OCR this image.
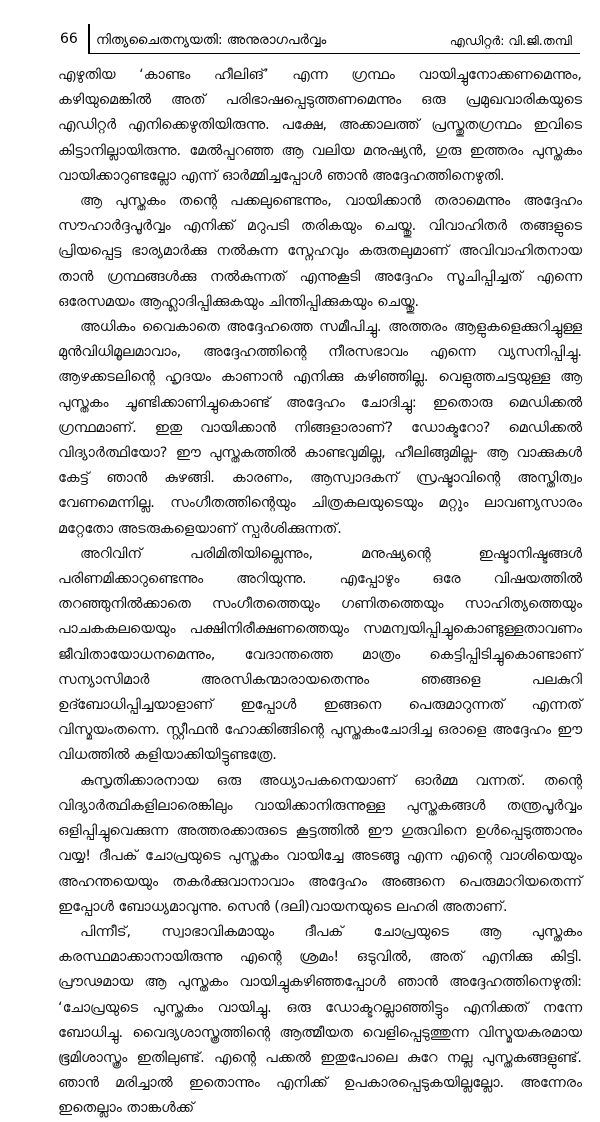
66 നിത്യചൈതന്യയതി: അനുരാഗപർവ്വം	എഡിറ്റർ: വി.ജി.തമ്പി

എഴുതിയ ‘കാണ്ടം ഹീലിങ്’ എന്ന ഗ്രന്ഥം വായിച്ചുനോക്കണമെന്നും, കഴിയുമെങ്കിൽ അത് പരിഭാഷപ്പെടുത്തണമെന്നും ഒരു പ്രമുഖവാരികയുടെ എഡിറ്റർ എനിക്കെഴുതിയിരുന്നു. പക്ഷേ, അക്കാലത്ത് പ്രസ്തുതഗ്രന്ഥം ഇവിടെ കിട്ടാനില്ലായിരുന്നു. മേൽപ്പറഞ്ഞ ആ വലിയ മനുഷ്യൻ, ഗുരു ഇത്തരം പുസ്തകം വായിക്കാറുണ്ടല്ലോ എന്ന് ഓർമ്മിച്ചപ്പോൾ ഞാൻ അദ്ദേഹത്തിനെഴുതി.

ആ പുസ്തകം തന്റെ പക്കലുണ്ടെന്നും, വായിക്കാൻ തരാമെന്നും അദ്ദേഹം സൗഹാർദ്ദപൂർവ്വം എനിക്ക് മറുപടി തരികയും ചെയ്തു. വിവാഹിതർ തങ്ങളുടെ പ്രിയപ്പെട്ട ഭാര്യമാർക്കു നൽകുന്ന സ്നേഹവും കരുതലുമാണ് അവിവാഹിതനായ താൻ ഗ്രന്ഥങ്ങൾക്കു നൽകുന്നത് എന്നുകൂടി അദ്ദേഹം സൂചിപ്പിച്ചത് എന്നെ ഒരേസമയം ആഹ്ലാദിപ്പിക്കുകയും ചിന്തിപ്പിക്കുകയും ചെയ്തു.

അധികം വൈകാതെ അദ്ദേഹത്തെ സമീപിച്ചു. അത്തരം ആളുകളെക്കുറിച്ചുള്ള മുൻവിധിമൂലമാവാം, അദ്ദേഹത്തിന്റെ നീരസഭാവം എന്നെ വ്യസനിപ്പിച്ചു. ആഴക്കടലിന്റെ ഹൃദയം കാണാൻ എനിക്കു കഴിഞ്ഞില്ല. വെളുത്തചട്ടയുള്ള ആ പുസ്തകം ചൂണ്ടിക്കാണിച്ചുകൊണ്ട് അദ്ദേഹം ചോദിച്ചു: ഇതൊരു മെഡിക്കൽ ഗ്രന്ഥമാണ്. ഇതു വായിക്കാൻ നിങ്ങളാരാണ്? ഡോക്ടറോ? മെഡിക്കൽ വിദ്യാർത്ഥിയോ? ഈ പുസ്തകത്തിൽ കാണ്ടവുമില്ല, ഹീലിങ്ങുമില്ല- ആ വാക്കുകൾ കേട്ട് ഞാൻ കുഴങ്ങി. കാരണം, ആസ്വാദകന് സ്രഷ്ടാവിന്റെ അസ്തിത്വം വേണമെന്നില്ല. സംഗീതത്തിന്റെയും ചിത്രകലയുടെയും മറ്റും ലാവണ്യസാരം മറ്റേതോ അടരുകളെയാണ് സ്പർശിക്കുന്നത്.

അറിവിന് പരിമിതിയില്ലെന്നും, മനുഷ്യന്റെ ഇഷ്ടാനിഷ്ടങ്ങൾ പരിണമിക്കാറുണ്ടെന്നും അറിയുന്നു. എപ്പോഴും ഒരേ വിഷയത്തിൽ തറഞ്ഞുനിൽക്കാതെ സംഗീതത്തെയും ഗണിതത്തെയും സാഹിത്യത്തെയും പാചകകലയെയും പക്ഷിനിരീക്ഷണത്തെയും സമന്വയിപ്പിച്ചുകൊണ്ടുള്ളതാവണം ജീവിതായോധനമെന്നും, വേദാന്തത്തെ മാത്രം കെട്ടിപ്പിടിച്ചുകൊണ്ടാണ് സന്യാസിമാർ അരസികന്മാരായതെന്നും ഞങ്ങളെ പലകുറി ഉദ്ബോധിപ്പിച്ചയാളാണ് ഇപ്പോൾ ഇങ്ങനെ പെരുമാറുന്നത് എന്നത് വിസ്മയംതന്നെ. സ്റ്റീഫൻ ഹോക്കിങ്ങിന്റെ പുസ്തകംചോദിച്ച ഒരാളെ അദ്ദേഹം ഈ വിധത്തിൽ കളിയാക്കിയിട്ടുണ്ടത്രേ.

കുസൃതിക്കാരനായ ഒരു അധ്യാപകനെയാണ് ഓർമ്മ വന്നത്. തന്റെ വിദ്യാർത്ഥികളിലാരെങ്കിലും വായിക്കാനിരുന്നുള്ള പുസ്തകങ്ങൾ തന്ത്രപൂർവ്വം ഒളിപ്പിച്ചുവെക്കുന്ന അത്തരക്കാരുടെ കൂട്ടത്തിൽ ഈ ഗുരുവിനെ ഉൾപ്പെടുത്താനും വയ്യ! ദീപക് ചോപ്രയുടെ പുസ്തകം വായിച്ചേ അടങ്ങൂ എന്ന എന്റെ വാശിയെയും അഹന്തയെയും തകർക്കുവാനാവാം അദ്ദേഹം അങ്ങനെ പെരുമാറിയതെന്ന് ഇപ്പോൾ ബോധ്യമാവുന്നു. സെൻ (ദലി)വായനയുടെ ലഹരി അതാണ്.

പിന്നീട്, സ്വാഭാവികമായും ദീപക് ചോപ്രയുടെ ആ പുസ്തകം കരസ്ഥമാക്കാനായിരുന്നു എന്റെ ശ്രമം! ഒടുവിൽ, അത് എനിക്കു കിട്ടി. പ്രൗഢമായ ആ പുസ്തകം വായിച്ചുകഴിഞ്ഞപ്പോൾ ഞാൻ അദ്ദേഹത്തിനെഴുതി: ‘ചോപ്രയുടെ പുസ്തകം വായിച്ചു. ഒരു ഡോക്ടറല്ലാഞ്ഞിട്ടും എനിക്കത് നന്നേ ബോധിച്ചു. വൈദ്യശാസ്ത്രത്തിന്റെ ആത്മീയത വെളിപ്പെടുത്തുന്ന വിസ്മയകരമായ ഭൂമിശാസ്ത്രം ഇതിലുണ്ട്. എന്റെ പക്കൽ ഇതുപോലെ കുറേ നല്ല പുസ്തകങ്ങളുണ്ട്. ഞാൻ മരിച്ചാൽ ഇതൊന്നും എനിക്ക് ഉപകാരപ്പെടുകയില്ലല്ലോ. അന്നേരം ഇതെല്ലാം താങ്കൾക്ക്
